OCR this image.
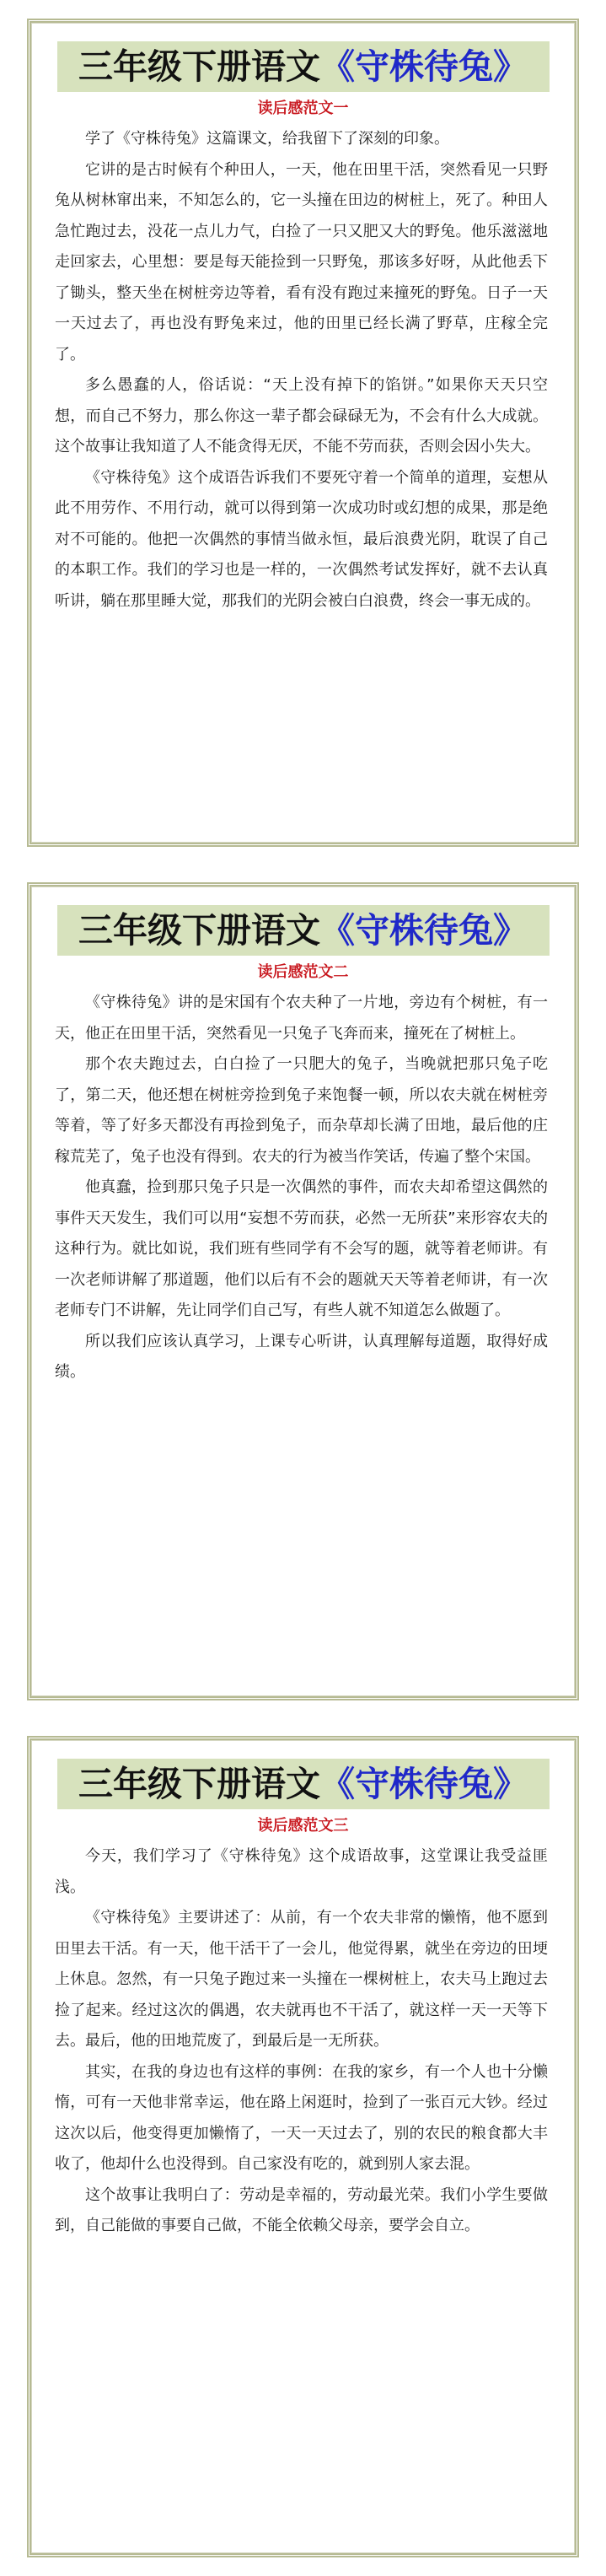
三年级下册语文《守株待兔》
读后感范文一

学了《守株待兔》这篇课文，给我留下了深刻的印象。

它讲的是古时候有个种田人，一天，他在田里干活，突然看见一只野兔从树林窜出来，不知怎么的，它一头撞在田边的树桩上，死了。种田人急忙跑过去，没花一点儿力气，白捡了一只又肥又大的野兔。他乐滋滋地走回家去，心里想：要是每天能捡到一只野兔，那该多好呀，从此他丢下了锄头，整天坐在树桩旁边等着，看有没有跑过来撞死的野兔。日子一天一天过去了，再也没有野兔来过，他的田里已经长满了野草，庄稼全完了。

多么愚蠢的人，俗话说：“天上没有掉下的馅饼。”如果你天天只空想，而自己不努力，那么你这一辈子都会碌碌无为，不会有什么大成就。这个故事让我知道了人不能贪得无厌，不能不劳而获，否则会因小失大。

《守株待兔》这个成语告诉我们不要死守着一个简单的道理，妄想从此不用劳作、不用行动，就可以得到第一次成功时或幻想的成果，那是绝对不可能的。他把一次偶然的事情当做永恒，最后浪费光阴，耽误了自己的本职工作。我们的学习也是一样的，一次偶然考试发挥好，就不去认真听讲，躺在那里睡大觉，那我们的光阴会被白白浪费，终会一事无成的。

三年级下册语文《守株待兔》
读后感范文二

《守株待兔》讲的是宋国有个农夫种了一片地，旁边有个树桩，有一天，他正在田里干活，突然看见一只兔子飞奔而来，撞死在了树桩上。

那个农夫跑过去，白白捡了一只肥大的兔子，当晚就把那只兔子吃了，第二天，他还想在树桩旁捡到兔子来饱餐一顿，所以农夫就在树桩旁等着，等了好多天都没有再捡到兔子，而杂草却长满了田地，最后他的庄稼荒芜了，兔子也没有得到。农夫的行为被当作笑话，传遍了整个宋国。

他真蠢，捡到那只兔子只是一次偶然的事件，而农夫却希望这偶然的事件天天发生，我们可以用“妄想不劳而获，必然一无所获”来形容农夫的这种行为。就比如说，我们班有些同学有不会写的题，就等着老师讲。有一次老师讲解了那道题，他们以后有不会的题就天天等着老师讲，有一次老师专门不讲解，先让同学们自己写，有些人就不知道怎么做题了。

所以我们应该认真学习，上课专心听讲，认真理解每道题，取得好成绩。

三年级下册语文《守株待兔》
读后感范文三

今天，我们学习了《守株待兔》这个成语故事，这堂课让我受益匪浅。

《守株待兔》主要讲述了：从前，有一个农夫非常的懒惰，他不愿到田里去干活。有一天，他干活干了一会儿，他觉得累，就坐在旁边的田埂上休息。忽然，有一只兔子跑过来一头撞在一棵树桩上，农夫马上跑过去捡了起来。经过这次的偶遇，农夫就再也不干活了，就这样一天一天等下去。最后，他的田地荒废了，到最后是一无所获。

其实，在我的身边也有这样的事例：在我的家乡，有一个人也十分懒惰，可有一天他非常幸运，他在路上闲逛时，捡到了一张百元大钞。经过这次以后，他变得更加懒惰了，一天一天过去了，别的农民的粮食都大丰收了，他却什么也没得到。自己家没有吃的，就到别人家去混。

这个故事让我明白了：劳动是幸福的，劳动最光荣。我们小学生要做到，自己能做的事要自己做，不能全依赖父母亲，要学会自立。
